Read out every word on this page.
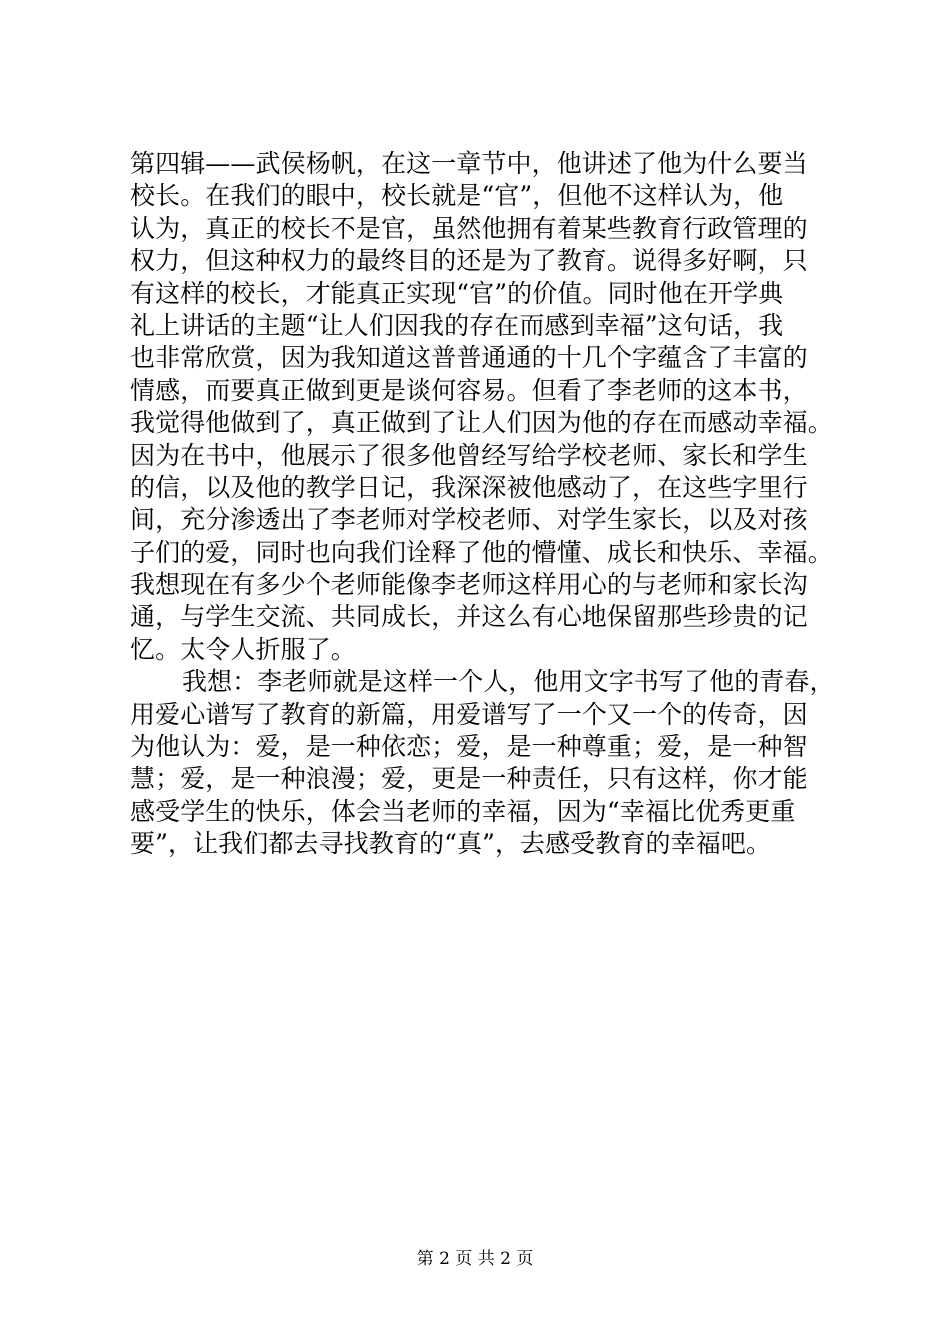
第四辑——武侯杨帆，在这一章节中，他讲述了他为什么要当
校长。在我们的眼中，校长就是“官”，但他不这样认为，他
认为，真正的校长不是官，虽然他拥有着某些教育行政管理的
权力，但这种权力的最终目的还是为了教育。说得多好啊，只
有这样的校长，才能真正实现“官”的价值。同时他在开学典
礼上讲话的主题“让人们因我的存在而感到幸福”这句话，我
也非常欣赏，因为我知道这普普通通的十几个字蕴含了丰富的
情感，而要真正做到更是谈何容易。但看了李老师的这本书，
我觉得他做到了，真正做到了让人们因为他的存在而感动幸福。
因为在书中，他展示了很多他曾经写给学校老师、家长和学生
的信，以及他的教学日记，我深深被他感动了，在这些字里行
间，充分渗透出了李老师对学校老师、对学生家长，以及对孩
子们的爱，同时也向我们诠释了他的懵懂、成长和快乐、幸福。
我想现在有多少个老师能像李老师这样用心的与老师和家长沟
通，与学生交流、共同成长，并这么有心地保留那些珍贵的记
忆。太令人折服了。
我想：李老师就是这样一个人，他用文字书写了他的青春，
用爱心谱写了教育的新篇，用爱谱写了一个又一个的传奇，因
为他认为：爱，是一种依恋；爱，是一种尊重；爱，是一种智
慧；爱，是一种浪漫；爱，更是一种责任，只有这样，你才能
感受学生的快乐，体会当老师的幸福，因为“幸福比优秀更重
要”，让我们都去寻找教育的“真”，去感受教育的幸福吧。
第 2 页 共 2 页
